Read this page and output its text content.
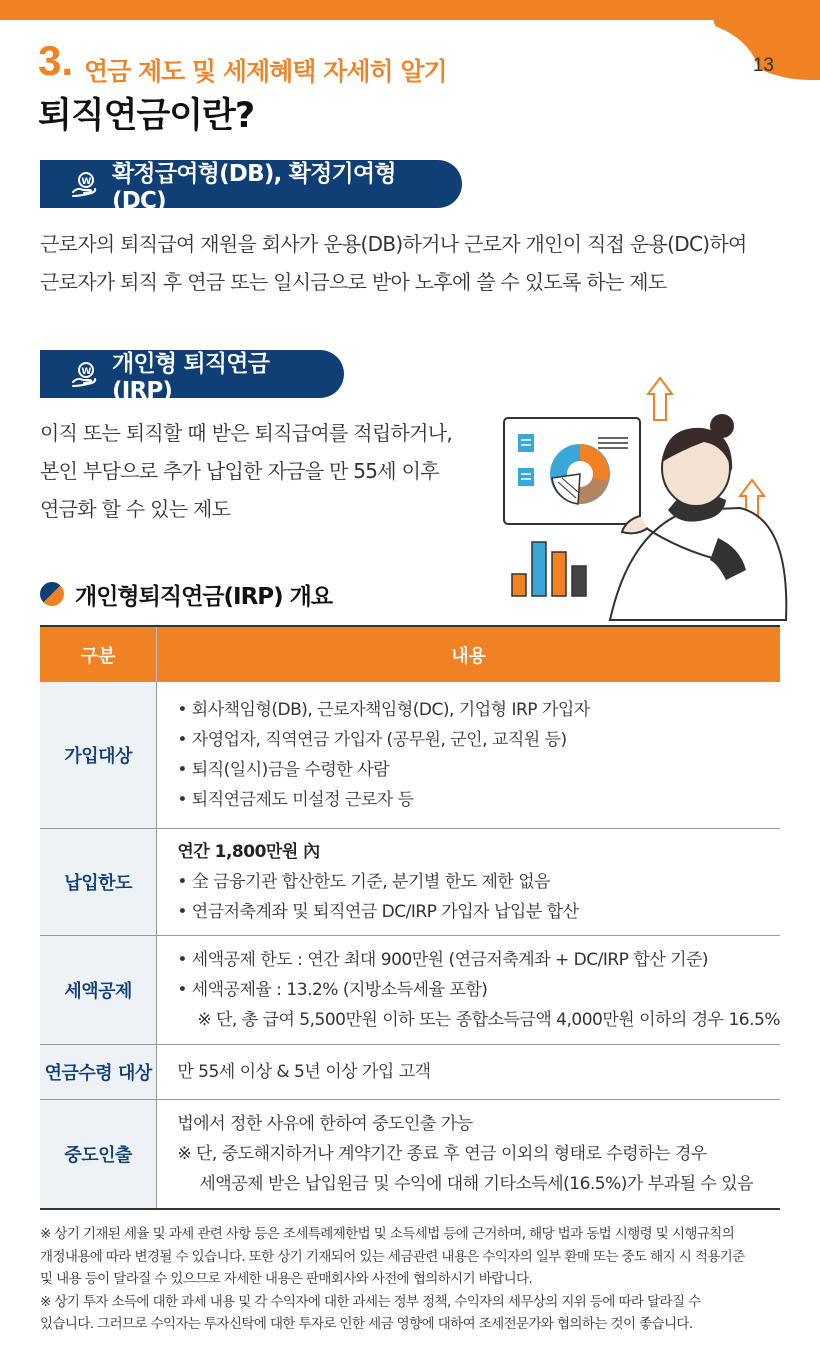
13
3. 연금 제도 및 세제혜택 자세히 알기
퇴직연금이란?
W 확정급여형(DB), 확정기여형(DC)
근로자의 퇴직급여 재원을 회사가 운용(DB)하거나 근로자 개인이 직접 운용(DC)하여
근로자가 퇴직 후 연금 또는 일시금으로 받아 노후에 쓸 수 있도록 하는 제도
W 개인형 퇴직연금(IRP)
이직 또는 퇴직할 때 받은 퇴직급여를 적립하거나,
본인 부담으로 추가 납입한 자금을 만 55세 이후
연금화 할 수 있는 제도
개인형퇴직연금(IRP) 개요
구분	내용
가입대상	• 회사책임형(DB), 근로자책임형(DC), 기업형 IRP 가입자
• 자영업자, 직역연금 가입자 (공무원, 군인, 교직원 등)
• 퇴직(일시)금을 수령한 사람
• 퇴직연금제도 미설정 근로자 등

납입한도	연간 1,800만원 內
• 全 금융기관 합산한도 기준, 분기별 한도 제한 없음
• 연금저축계좌 및 퇴직연금 DC/IRP 가입자 납입분 합산

세액공제	• 세액공제 한도 : 연간 최대 900만원 (연금저축계좌 + DC/IRP 합산 기준)
• 세액공제율 : 13.2% (지방소득세율 포함)
※ 단, 총 급여 5,500만원 이하 또는 종합소득금액 4,000만원 이하의 경우 16.5%

연금수령 대상	만 55세 이상 & 5년 이상 가입 고객

중도인출	법에서 정한 사유에 한하여 중도인출 가능
※ 단, 중도해지하거나 계약기간 종료 후 연금 이외의 형태로 수령하는 경우
세액공제 받은 납입원금 및 수익에 대해 기타소득세(16.5%)가 부과될 수 있음
※ 상기 기재된 세율 및 과세 관련 사항 등은 조세특례제한법 및 소득세법 등에 근거하며, 해당 법과 동법 시행령 및 시행규칙의
개정내용에 따라 변경될 수 있습니다. 또한 상기 기재되어 있는 세금관련 내용은 수익자의 일부 환매 또는 중도 해지 시 적용기준
및 내용 등이 달라질 수 있으므로 자세한 내용은 판매회사와 사전에 협의하시기 바랍니다.
※ 상기 투자 소득에 대한 과세 내용 및 각 수익자에 대한 과세는 정부 정책, 수익자의 세무상의 지위 등에 따라 달라질 수
있습니다. 그러므로 수익자는 투자신탁에 대한 투자로 인한 세금 영향에 대하여 조세전문가와 협의하는 것이 좋습니다.
